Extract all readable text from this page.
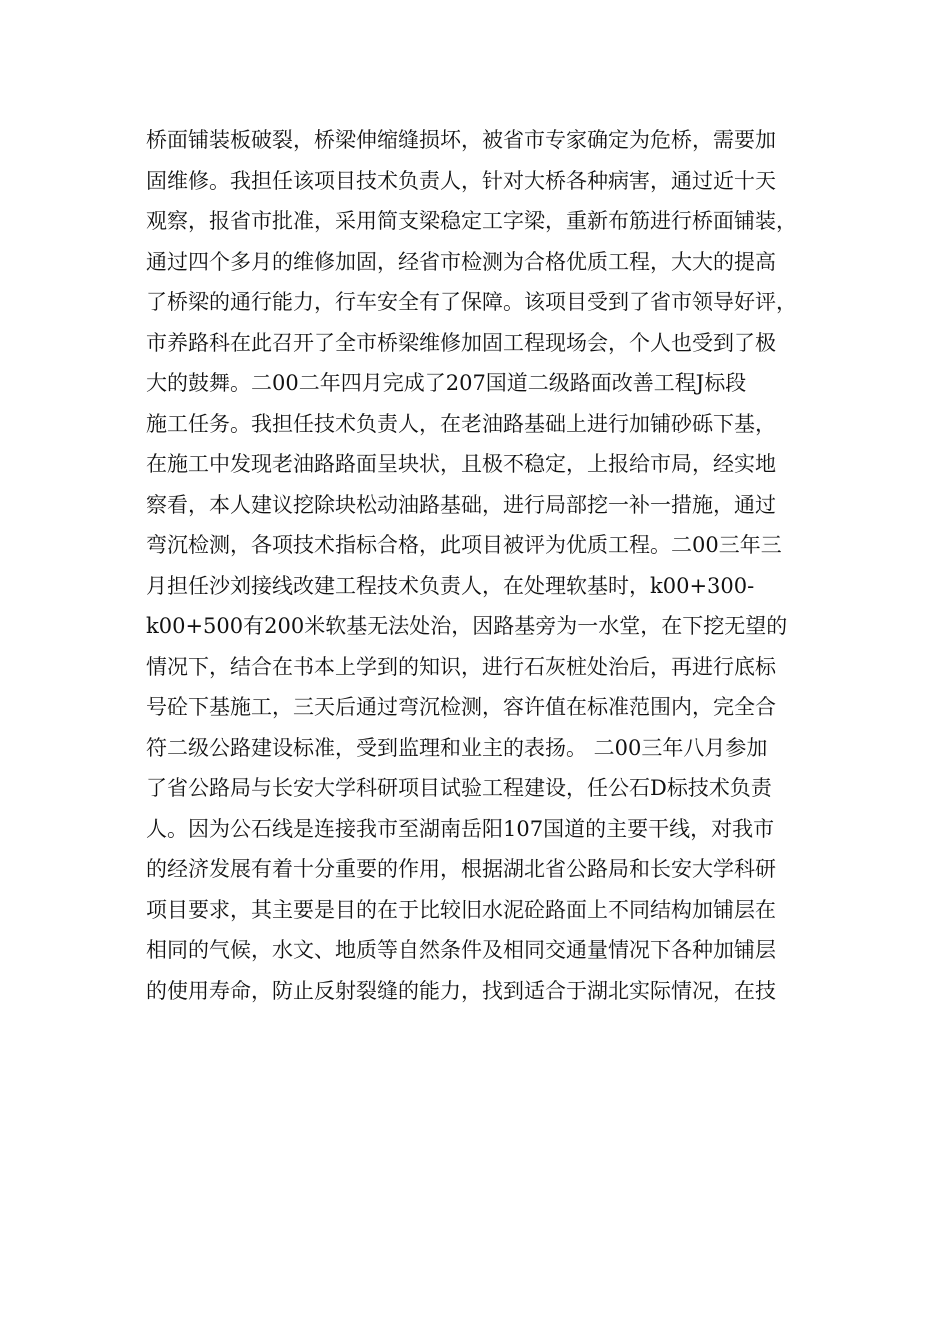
桥面铺装板破裂，桥梁伸缩缝损坏，被省市专家确定为危桥，需要加
固维修。我担任该项目技术负责人，针对大桥各种病害，通过近十天
观察，报省市批准，采用简支梁稳定工字梁，重新布筋进行桥面铺装，
通过四个多月的维修加固，经省市检测为合格优质工程，大大的提高
了桥梁的通行能力，行车安全有了保障。该项目受到了省市领导好评，
市养路科在此召开了全市桥梁维修加固工程现场会，个人也受到了极
大的鼓舞。二00二年四月完成了207国道二级路面改善工程J标段
施工任务。我担任技术负责人，在老油路基础上进行加铺砂砾下基，
在施工中发现老油路路面呈块状，且极不稳定，上报给市局，经实地
察看，本人建议挖除块松动油路基础，进行局部挖一补一措施，通过
弯沉检测，各项技术指标合格，此项目被评为优质工程。二00三年三
月担任沙刘接线改建工程技术负责人，在处理软基时，k00+300-
k00+500有200米软基无法处治，因路基旁为一水堂，在下挖无望的
情况下，结合在书本上学到的知识，进行石灰桩处治后，再进行底标
号砼下基施工，三天后通过弯沉检测，容许值在标准范围内，完全合
符二级公路建设标准，受到监理和业主的表扬。 二00三年八月参加
了省公路局与长安大学科研项目试验工程建设，任公石D标技术负责
人。因为公石线是连接我市至湖南岳阳107国道的主要干线，对我市
的经济发展有着十分重要的作用，根据湖北省公路局和长安大学科研
项目要求，其主要是目的在于比较旧水泥砼路面上不同结构加铺层在
相同的气候，水文、地质等自然条件及相同交通量情况下各种加铺层
的使用寿命，防止反射裂缝的能力，找到适合于湖北实际情况，在技
